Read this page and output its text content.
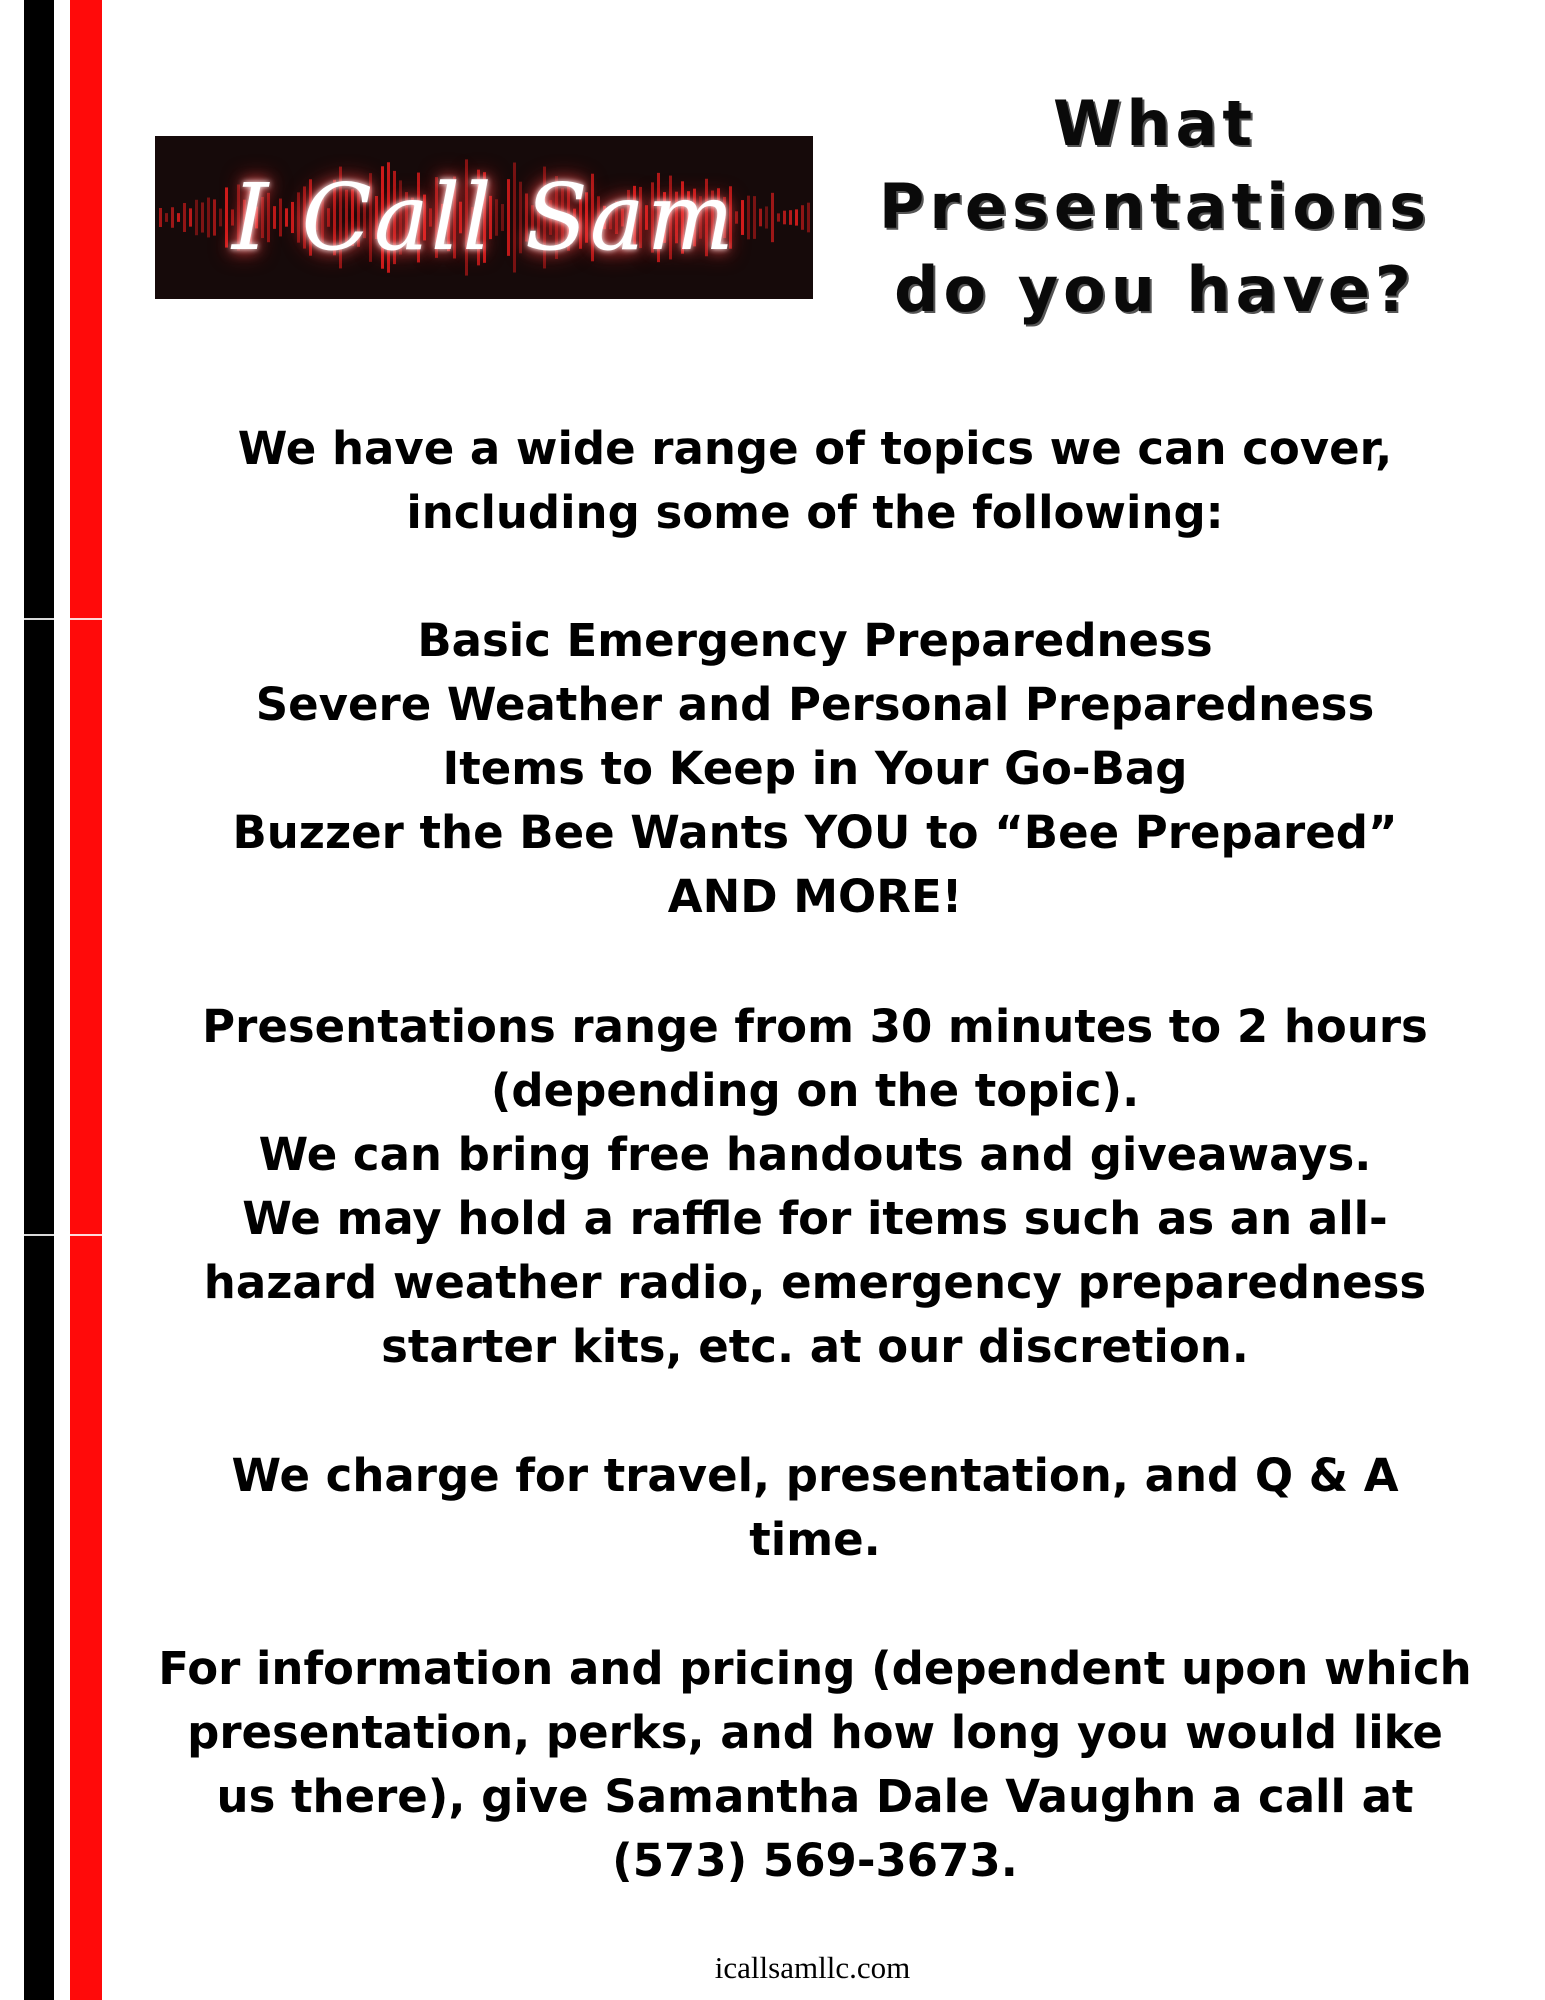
I Call Sam
What
Presentations
do you have?
We have a wide range of topics we can cover,
including some of the following:
Basic Emergency Preparedness
Severe Weather and Personal Preparedness
Items to Keep in Your Go-Bag
Buzzer the Bee Wants YOU to “Bee Prepared”
AND MORE!
Presentations range from 30 minutes to 2 hours
(depending on the topic).
We can bring free handouts and giveaways.
We may hold a raffle for items such as an all-
hazard weather radio, emergency preparedness
starter kits, etc. at our discretion.
We charge for travel, presentation, and Q & A
time.
For information and pricing (dependent upon which
presentation, perks, and how long you would like
us there), give Samantha Dale Vaughn a call at
(573) 569-3673.
icallsamllc.com
